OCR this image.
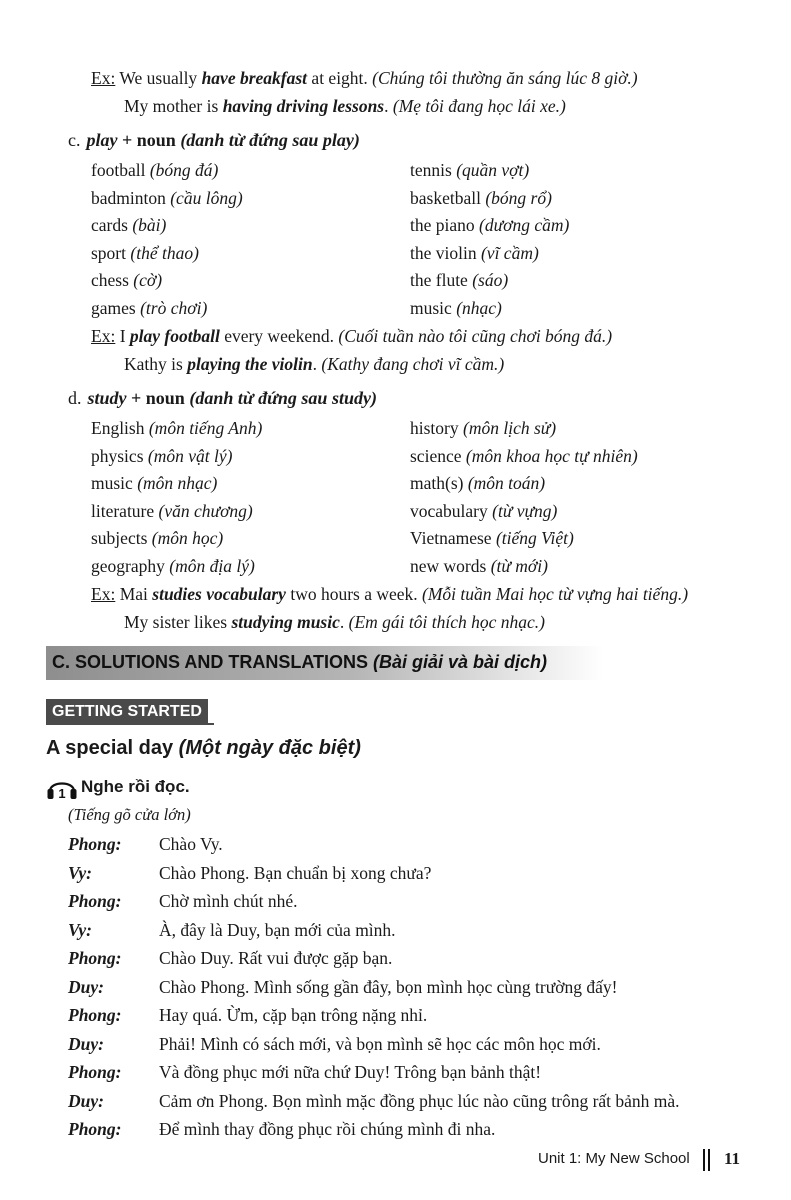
Ex: We usually have breakfast at eight. (Chúng tôi thường ăn sáng lúc 8 giờ.)
My mother is having driving lessons. (Mẹ tôi đang học lái xe.)
c. play + noun (danh từ đứng sau play)
football (bóng đá)	tennis (quần vợt)
badminton (cầu lông)	basketball (bóng rổ)
cards (bài)	the piano (dương cầm)
sport (thể thao)	the violin (vĩ cầm)
chess (cờ)	the flute (sáo)
games (trò chơi)	music (nhạc)
Ex: I play football every weekend. (Cuối tuần nào tôi cũng chơi bóng đá.)
Kathy is playing the violin. (Kathy đang chơi vĩ cầm.)
d. study + noun (danh từ đứng sau study)
English (môn tiếng Anh)	history (môn lịch sử)
physics (môn vật lý)	science (môn khoa học tự nhiên)
music (môn nhạc)	math(s) (môn toán)
literature (văn chương)	vocabulary (từ vựng)
subjects (môn học)	Vietnamese (tiếng Việt)
geography (môn địa lý)	new words (từ mới)
Ex: Mai studies vocabulary two hours a week. (Mỗi tuần Mai học từ vựng hai tiếng.)
My sister likes studying music. (Em gái tôi thích học nhạc.)
C. SOLUTIONS AND TRANSLATIONS (Bài giải và bài dịch)
GETTING STARTED
A special day (Một ngày đặc biệt)
1 Nghe rồi đọc.
(Tiếng gõ cửa lớn)
Phong: Chào Vy.
Vy:	Chào Phong. Bạn chuẩn bị xong chưa?
Phong: Chờ mình chút nhé.
Vy:	À, đây là Duy, bạn mới của mình.
Phong: Chào Duy. Rất vui được gặp bạn.
Duy:	Chào Phong. Mình sống gần đây, bọn mình học cùng trường đấy!
Phong: Hay quá. Ừm, cặp bạn trông nặng nhỉ.
Duy:	Phải! Mình có sách mới, và bọn mình sẽ học các môn học mới.
Phong: Và đồng phục mới nữa chứ Duy! Trông bạn bảnh thật!
Duy:	Cảm ơn Phong. Bọn mình mặc đồng phục lúc nào cũng trông rất bảnh mà.
Phong: Để mình thay đồng phục rồi chúng mình đi nha.
Unit 1: My New School 11
